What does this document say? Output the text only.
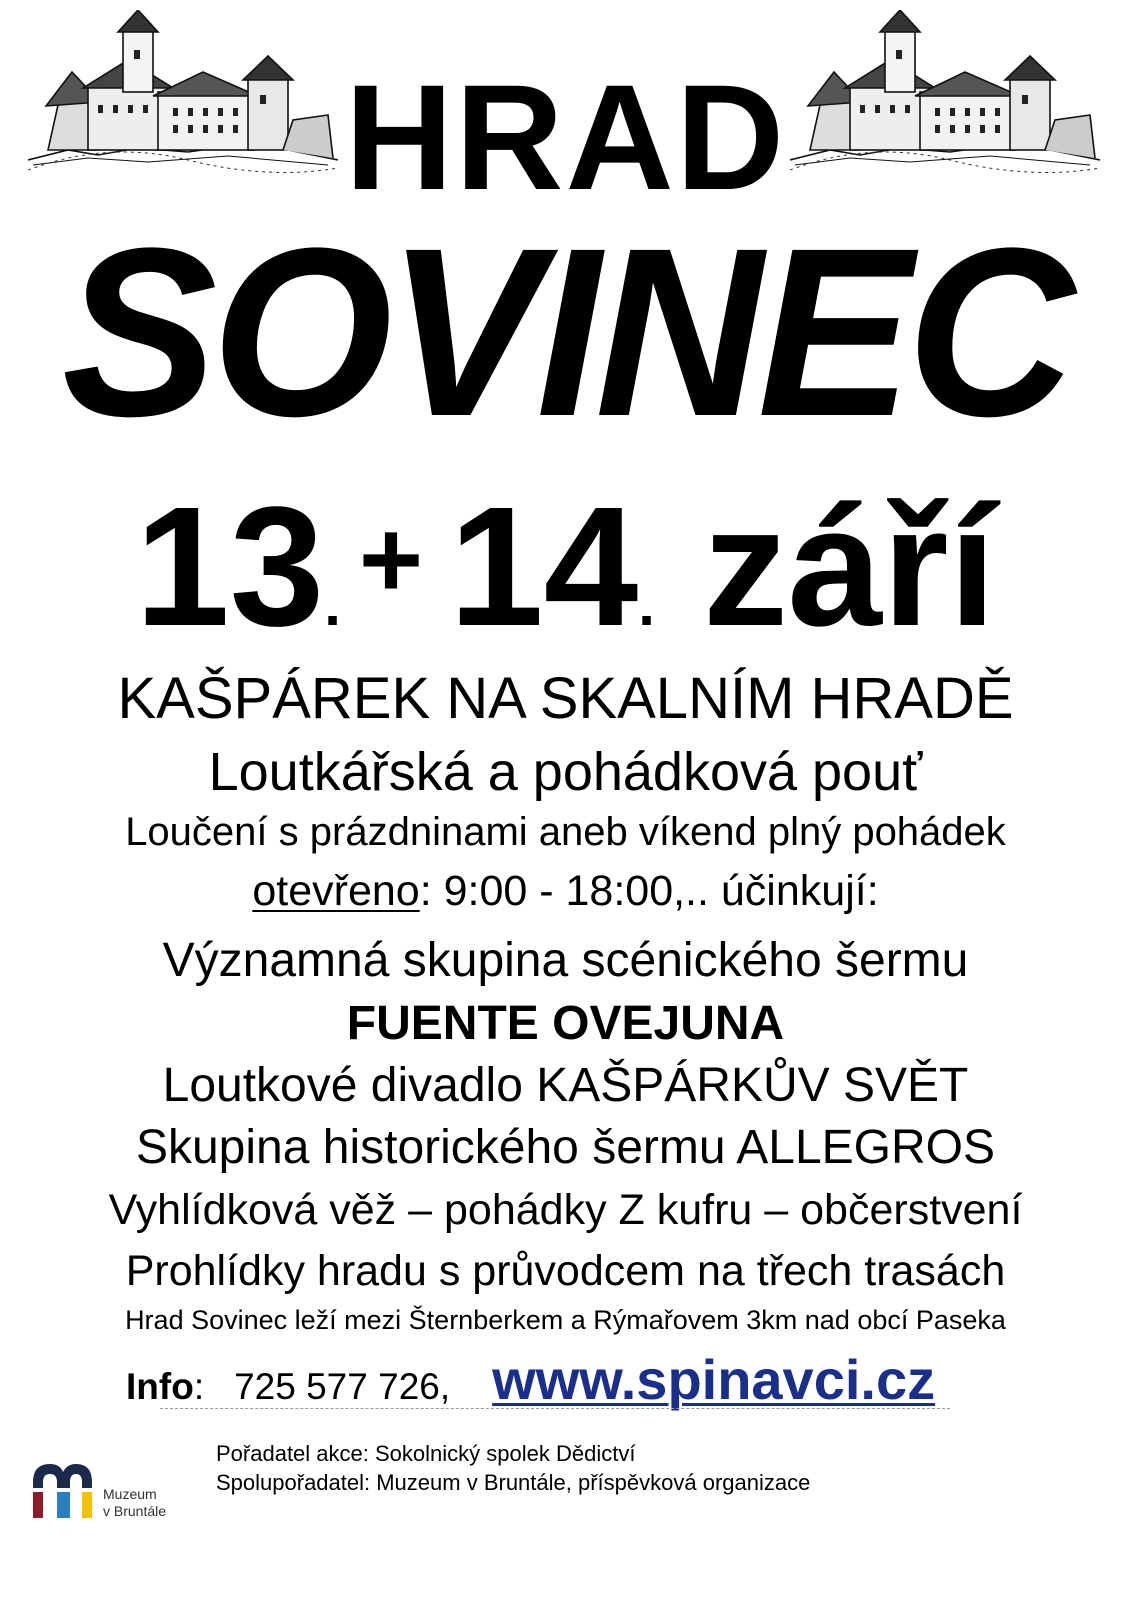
HRAD
SOVINEC
13. + 14. září
KAŠPÁREK NA SKALNÍM HRADĚ
Loutkářská a pohádková pouť
Loučení s prázdninami aneb víkend plný pohádek
otevřeno: 9:00 - 18:00,.. účinkují:
Významná skupina scénického šermu
FUENTE OVEJUNA
Loutkové divadlo KAŠPÁRKŮV SVĚT
Skupina historického šermu ALLEGROS
Vyhlídková věž – pohádky Z kufru – občerstvení
Prohlídky hradu s průvodcem na třech trasách
Hrad Sovinec leží mezi Šternberkem a Rýmařovem 3km nad obcí Paseka
Info: 725 577 726, www.spinavci.cz
Pořadatel akce: Sokolnický spolek Dědictví
Spolupořadatel: Muzeum v Bruntále, příspěvková organizace
Muzeum
v Bruntále
